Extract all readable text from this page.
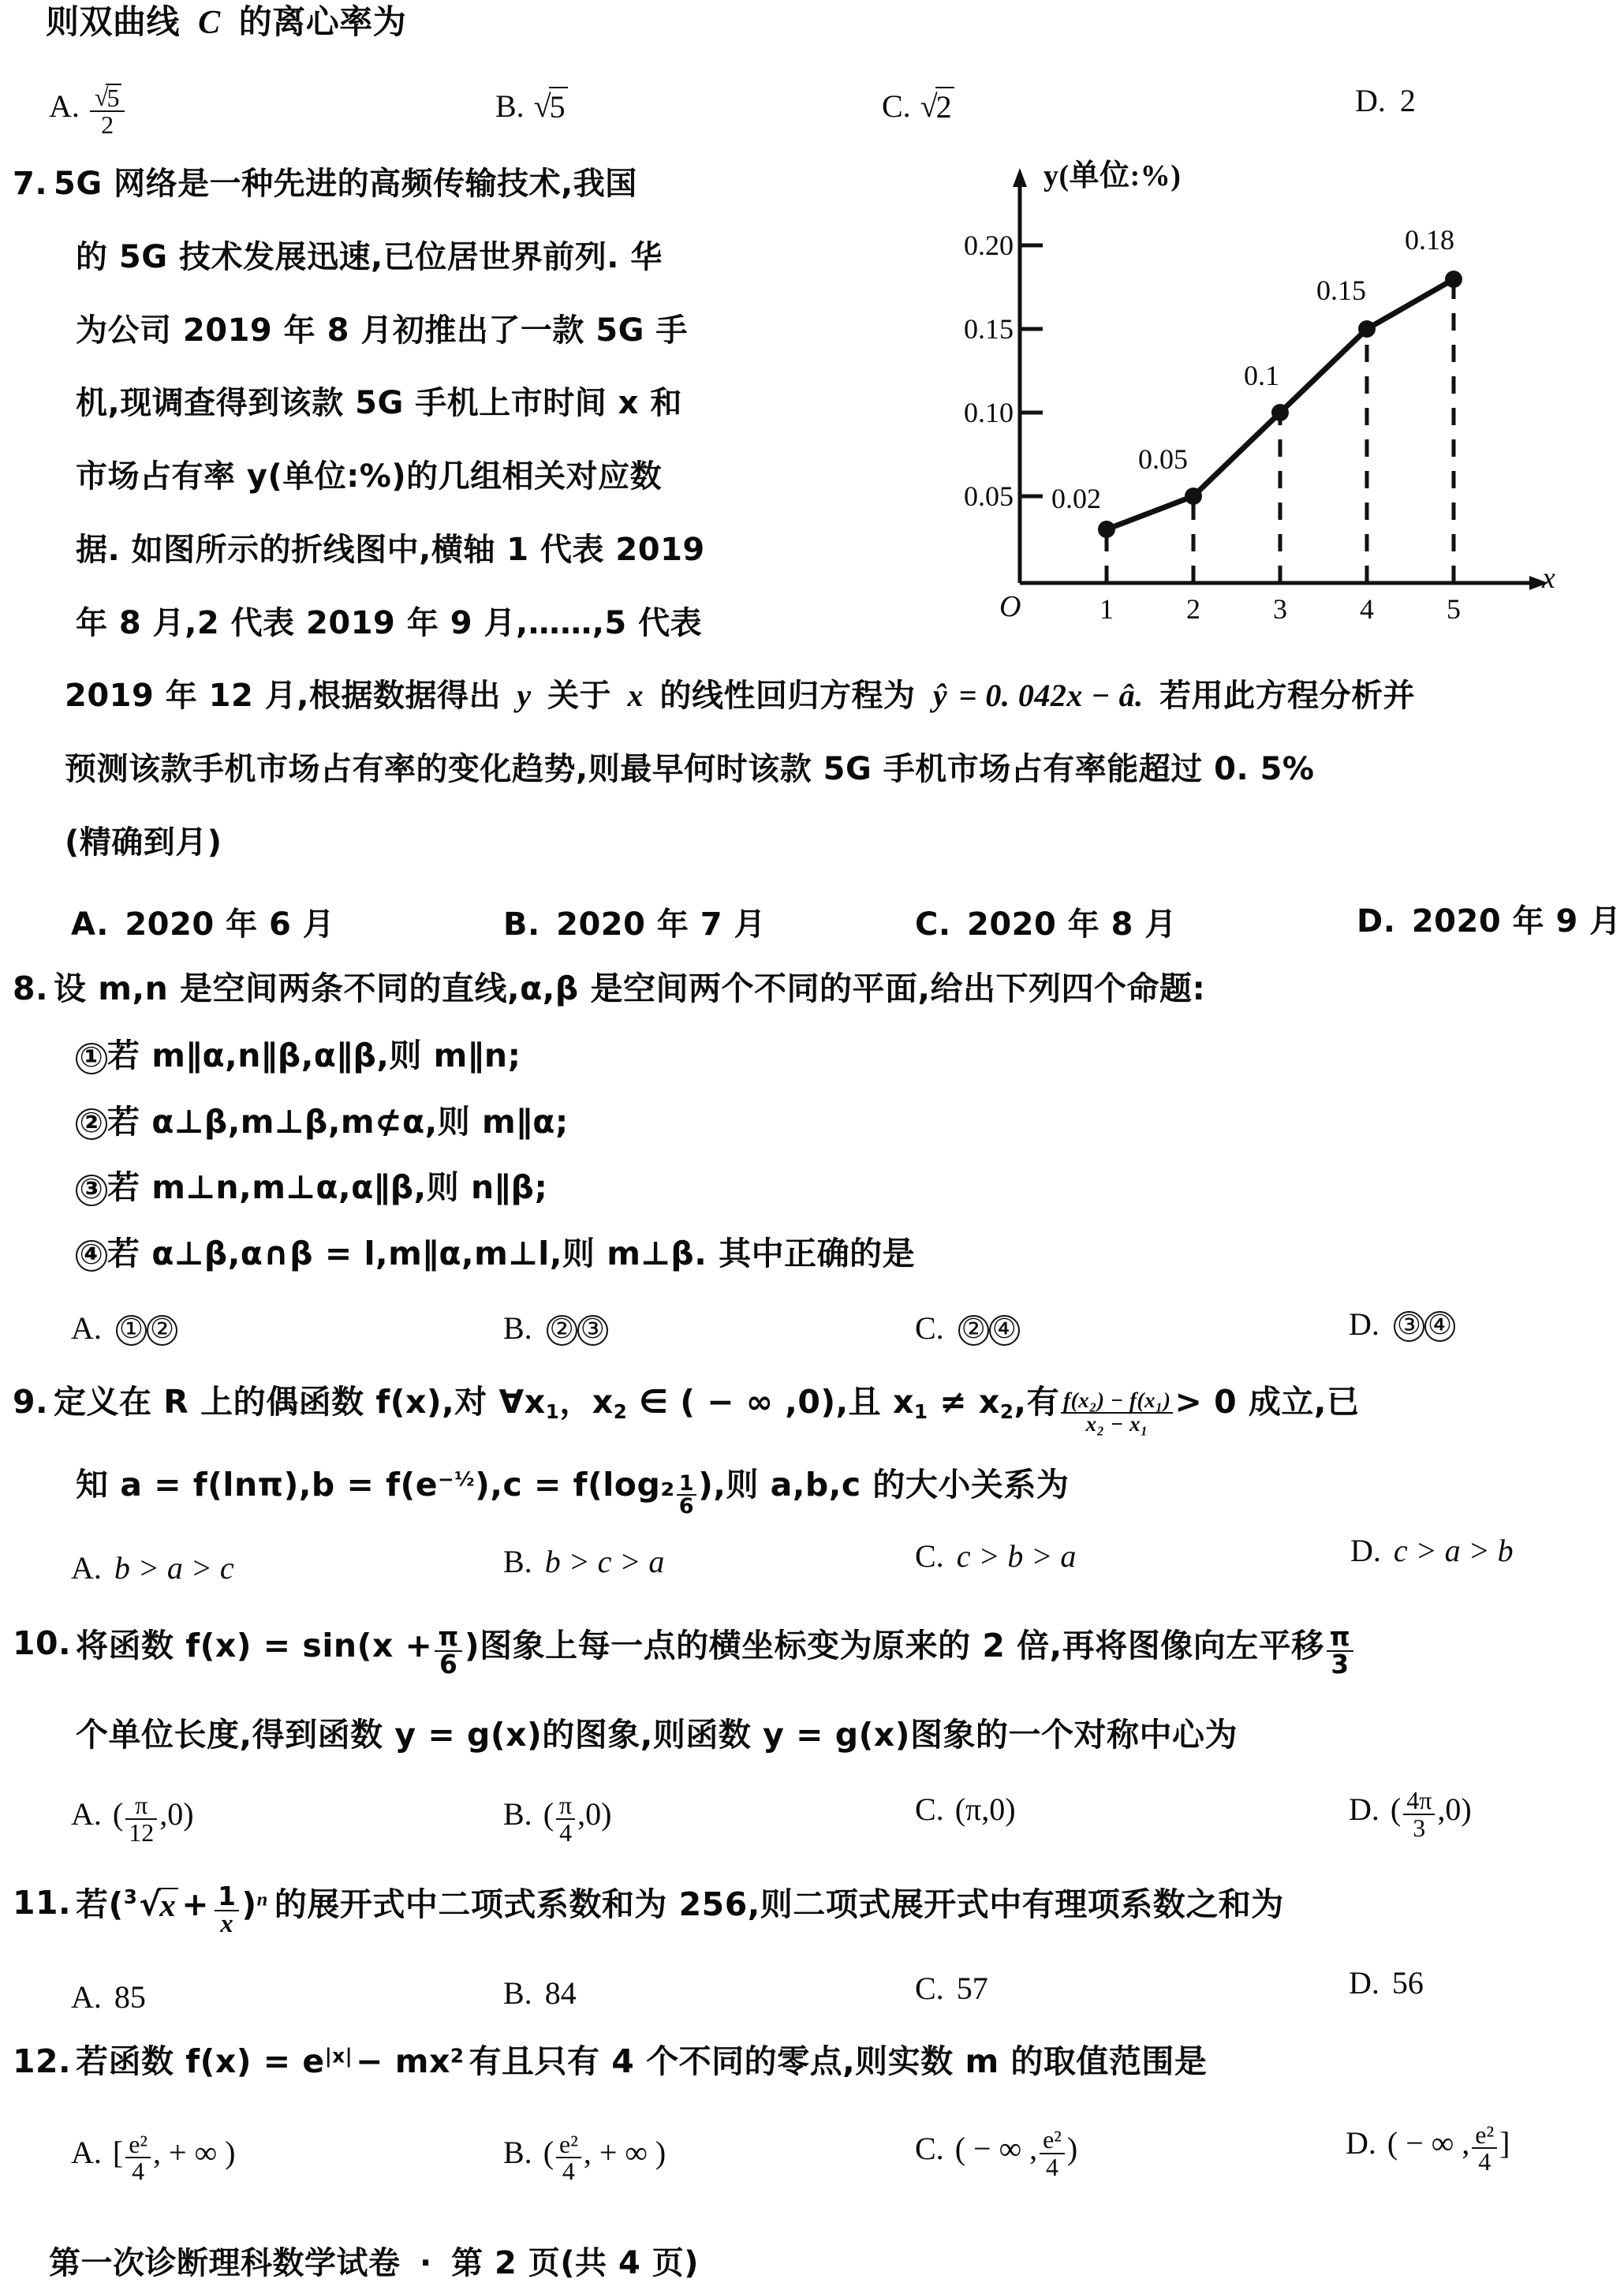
则双曲线 C 的离心率为
A. $\frac{√5}{2}$	B. √5	C. √2	D. 2
7. 5G 网络是一种先进的高频传输技术,我国
的 5G 技术发展迅速,已位居世界前列. 华
为公司 2019 年 8 月初推出了一款 5G 手
机,现调查得到该款 5G 手机上市时间 x 和
市场占有率 y(单位:%)的几组相关对应数
据. 如图所示的折线图中,横轴 1 代表 2019
年 8 月,2 代表 2019 年 9 月,……,5 代表
2019 年 12 月,根据数据得出 y 关于 x 的线性回归方程为 ŷ = 0. 042x − â. 若用此方程分析并
预测该款手机市场占有率的变化趋势,则最早何时该款 5G 手机市场占有率能超过 0. 5%
(精确到月)
A. 2020 年 6 月	B. 2020 年 7 月	C. 2020 年 8 月	D. 2020 年 9 月
y(单位:%)
x
O
0.05
0.10
0.15
0.20
1	2	3	4	5
0.02
0.05
0.1
0.15
0.18
8. 设 m,n 是空间两条不同的直线,α,β 是空间两个不同的平面,给出下列四个命题:
① 若 m∥α,n∥β,α∥β,则 m∥n;
② 若 α⊥β,m⊥β,m⊄α,则 m∥α;
③ 若 m⊥n,m⊥α,α∥β,则 n∥β;
④ 若 α⊥β,α∩β = l,m∥α,m⊥l,则 m⊥β. 其中正确的是
A. ① ②	B. ② ③	C. ② ④	D. ③ ④
9. 定义在 R 上的偶函数 f(x),对 $\forall x_1$，$x_2$ ∈ ( − ∞ ,0),且 $x_1 \ne x_2$,有 $\frac{\text{f(x₂) − f(x₁)}}{\text{x₂ − x₁}} > 0$ 成立,已
知 $a = f(\ln\pi),b = f(e^{-\frac{1}{2}}),c = f(\log_2 \frac{1}{6}$ ),则 a,b,c 的大小关系为
A. b > a > c	B. b > c > a	C. c > b > a	D. c > a > b
10. 将函数 $f(x) = \sin(x + \frac{\pi}{6}$ )图象上每一点的横坐标变为原来的 2 倍,再将图像向左平移 $\frac{\pi}{3}$
个单位长度,得到函数 y = g(x)的图象,则函数 y = g(x)图象的一个对称中心为
A. ( $\frac{\pi}{12} ,0$)	B. ( $\frac{\pi}{4} ,0$)	C. (π,0)	D. ( $\frac{4\pi}{3} ,0$)
11. 若$(^3√x + \frac{1}{x} )^n$ 的展开式中二项式系数和为 256,则二项式展开式中有理项系数之和为
A. 85	B. 84	C. 57	D. 56
12. 若函数 $f(x) = e^{|x|}- mx^2$ 有且只有 4 个不同的零点,则实数 m 的取值范围是
A. [ $\frac{\text{e²}}{4}$ , + ∞ )	B. ( $\frac{\text{e²}}{4}$ , + ∞ )	C. ( − ∞ , $\frac{\text{e²}}{4}$ )	D. ( − ∞ , $\frac{\text{e²}}{4}$ ]
第一次诊断理科数学试卷 · 第 2 页(共 4 页)
